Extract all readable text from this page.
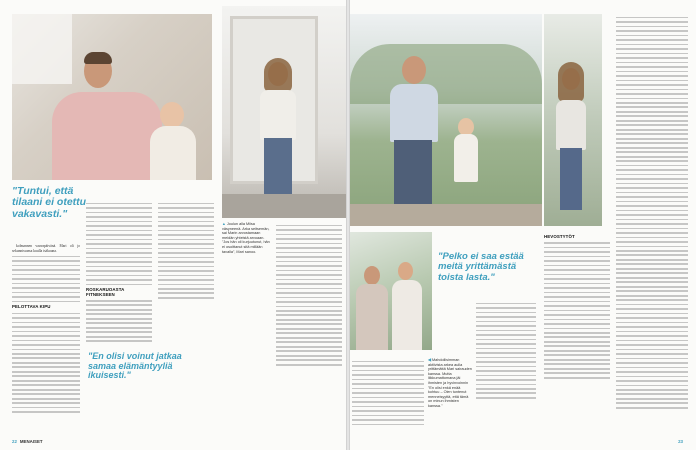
"Tuntui, että tilaani ei otettu vakavasti."

kolmannen vauvapäivänä. Mari oli jo sekunnissansa kuulla isäkuuna.

PELOTTAVA KIPU
ROSKARUOASTA FITNEKSEEN
"En olisi voinut jatkaa samaa elämäntyyliä ikuisesti."
▲ Joulun alla Miisa väsyneenä. Arka seitsemän, sai Marin arvostamaan meidän yhteistä arvoaan. "Jos hän oli kurjuutunut, hän ei osoittanut sitä millään tavalla", Mari sanoo.
22 MENAISET
"Pelko ei saa estää meitä yrittämästä toista lasta."
◀ Mahdollisimman aktiivista arkea aulla yrittämättä Mari sairauden kanssa. Mutta liikkumattomana jäi ihmisten ja hyvinvoinnin "En olisi enkä enää kohtuu – Olen tuntenut menneisyyttä, että tämä on minun ihmisten kanssa."
HEVOSTYTÖT
23
